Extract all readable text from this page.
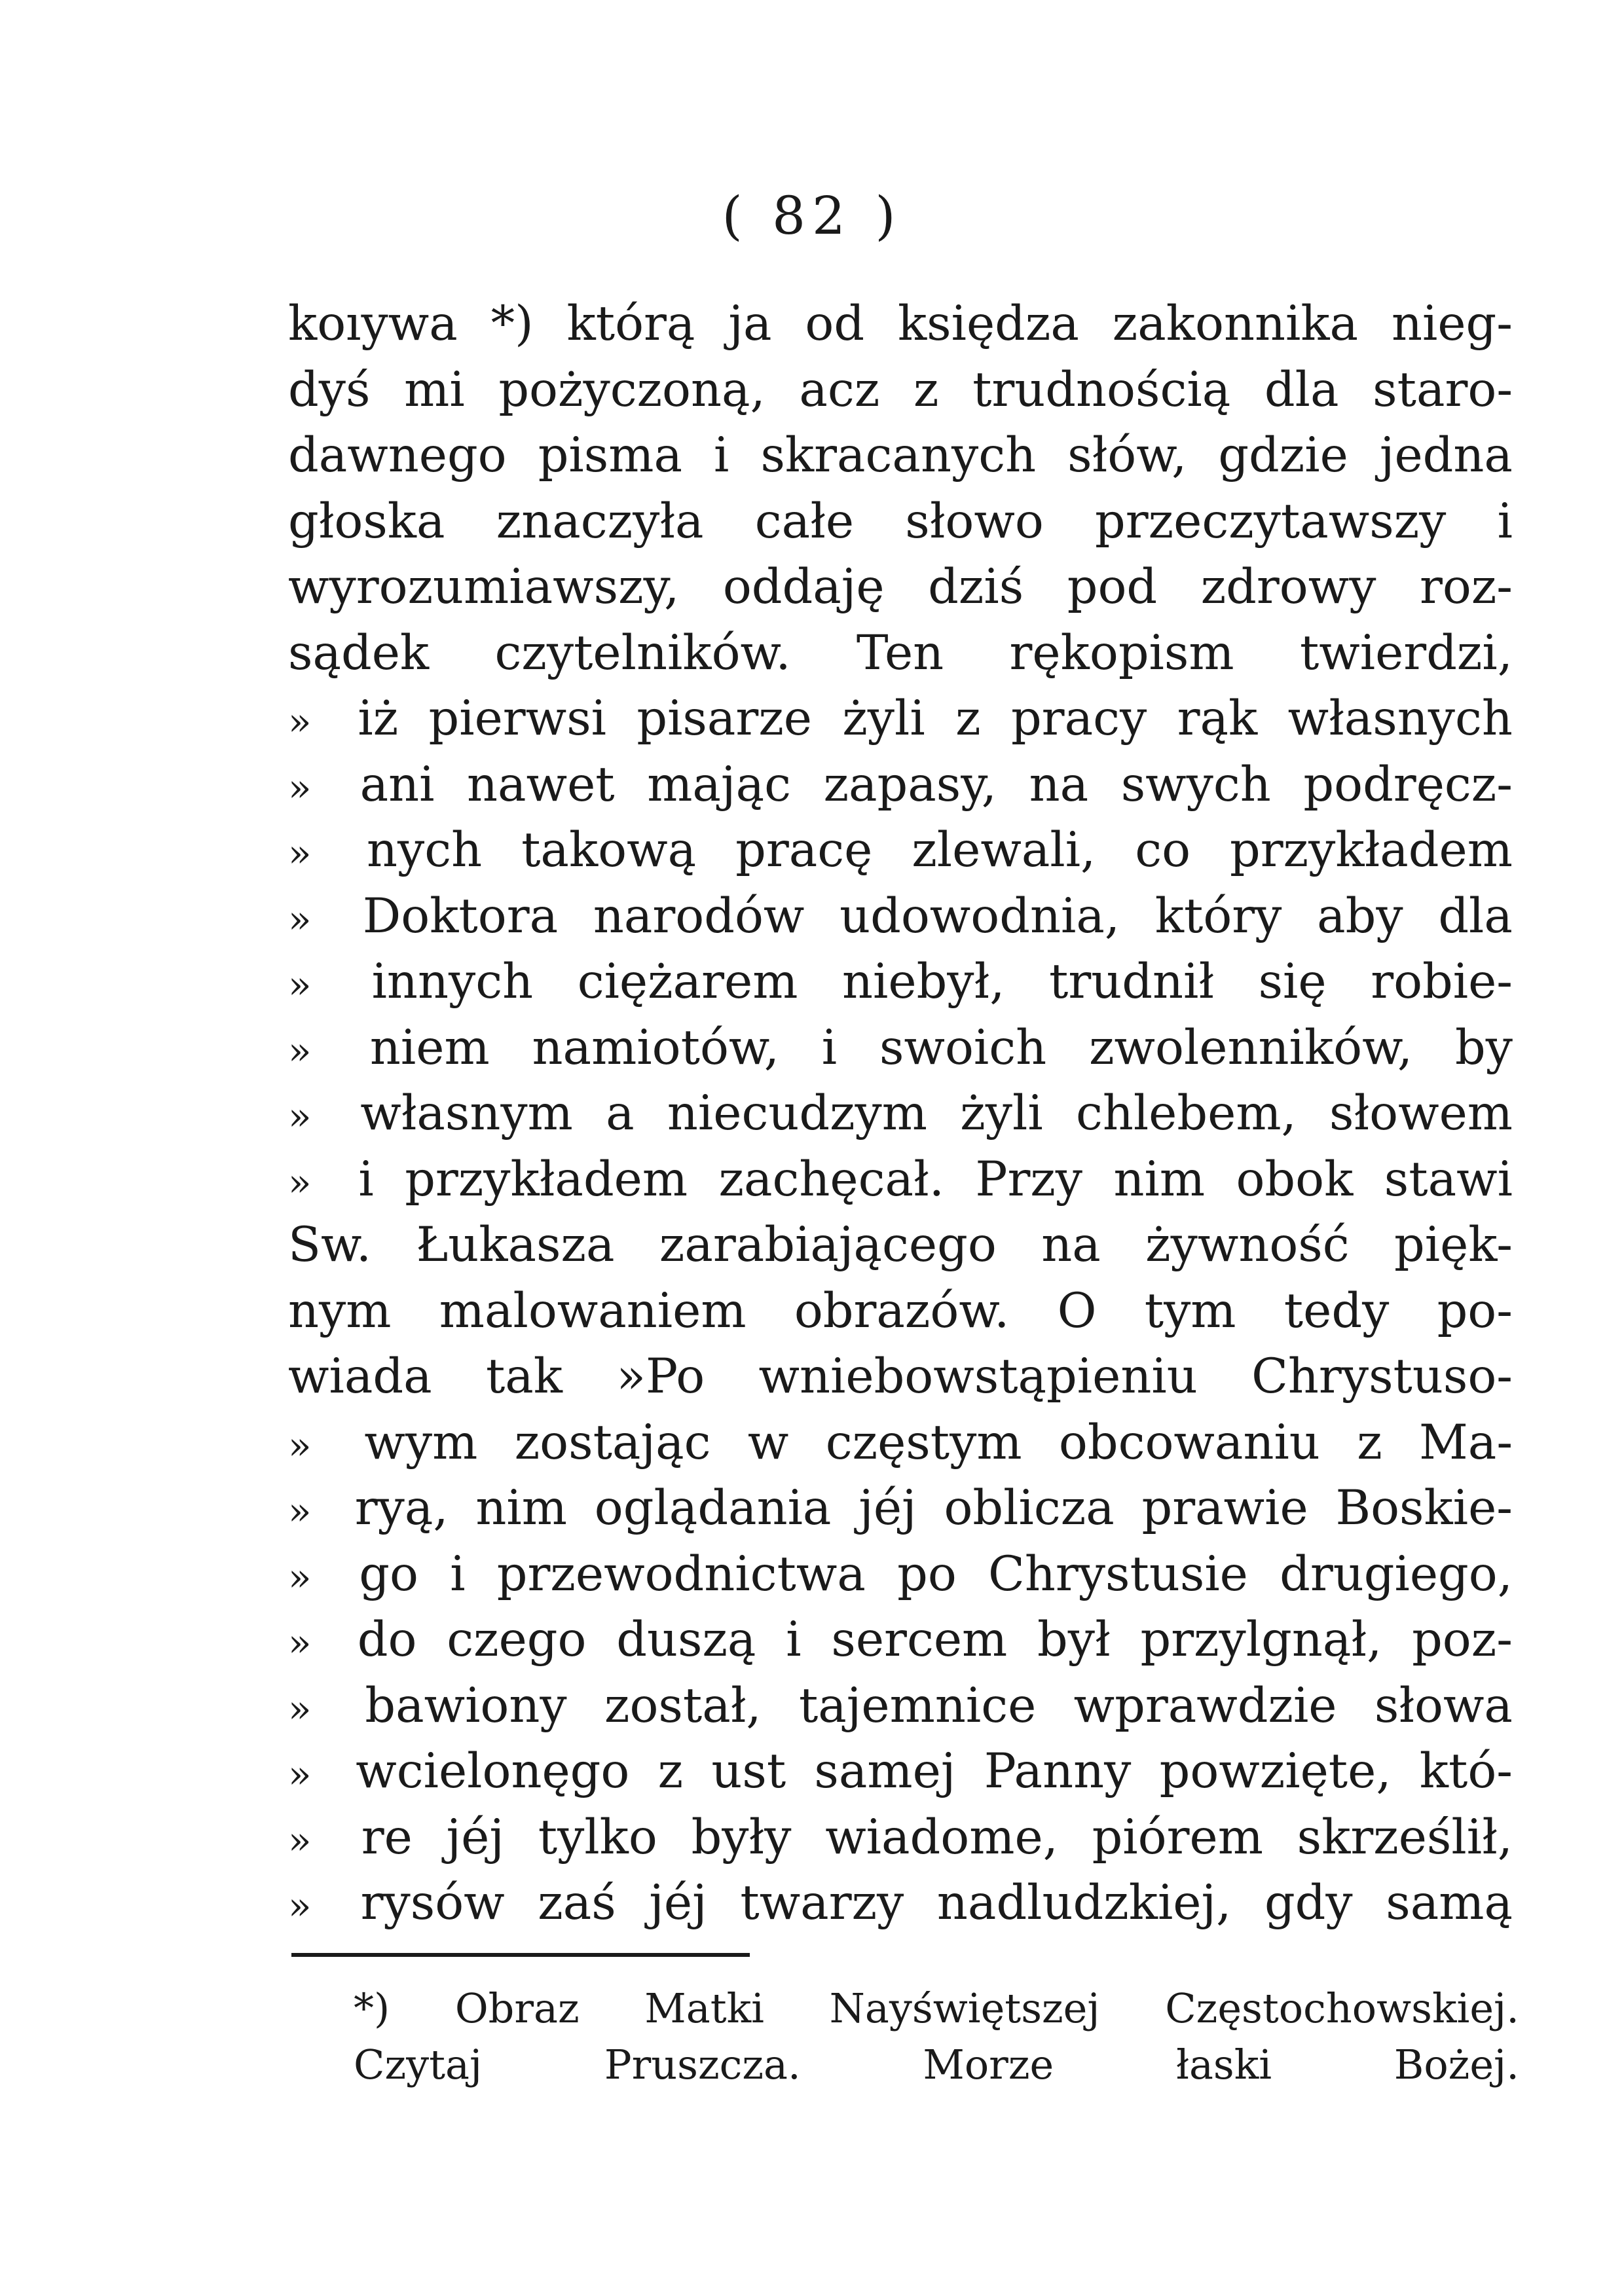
( 82 )
koıywa *) którą ja od księdza zakonnika nieg-
dyś mi pożyczoną, acz z trudnością dla staro-
dawnego pisma i skracanych słów, gdzie jedna
głoska znaczyła całe słowo przeczytawszy i
wyrozumiawszy, oddaję dziś pod zdrowy roz-
sądek czytelników. Ten rękopism twierdzi,
» iż pierwsi pisarze żyli z pracy rąk własnych
»	ani nawet mając zapasy, na swych podręcz-
»	nych takową pracę zlewali, co przykładem
»	Doktora narodów udowodnia, który aby dla
»	innych ciężarem niebył, trudnił się robie-
»	niem namiotów, i swoich zwolenników, by
»	własnym a niecudzym żyli chlebem, słowem
» i przykładem zachęcał. Przy nim obok stawi
Sw. Łukasza zarabiającego na żywność pięk-
nym malowaniem obrazów. O tym tedy po-
wiada tak »Po wniebowstąpieniu Chrystuso-
»	wym zostając w częstym obcowaniu z Ma-
» ryą, nim oglądania jéj oblicza prawie Boskie-
» go i przewodnictwa po Chrystusie drugiego,
» do czego duszą i sercem był przylgnął, poz-
»	bawiony został, tajemnice wprawdzie słowa
» wcielonęgo z ust samej Panny powzięte, któ-
»	re jéj tylko były wiadome, piórem skrześlił,
»	rysów zaś jéj twarzy nadludzkiej, gdy samą
*) Obraz Matki Nayświętszej Częstochowskiej.
Czytaj	Pruszcza.	Morze	łaski	Bożej.
